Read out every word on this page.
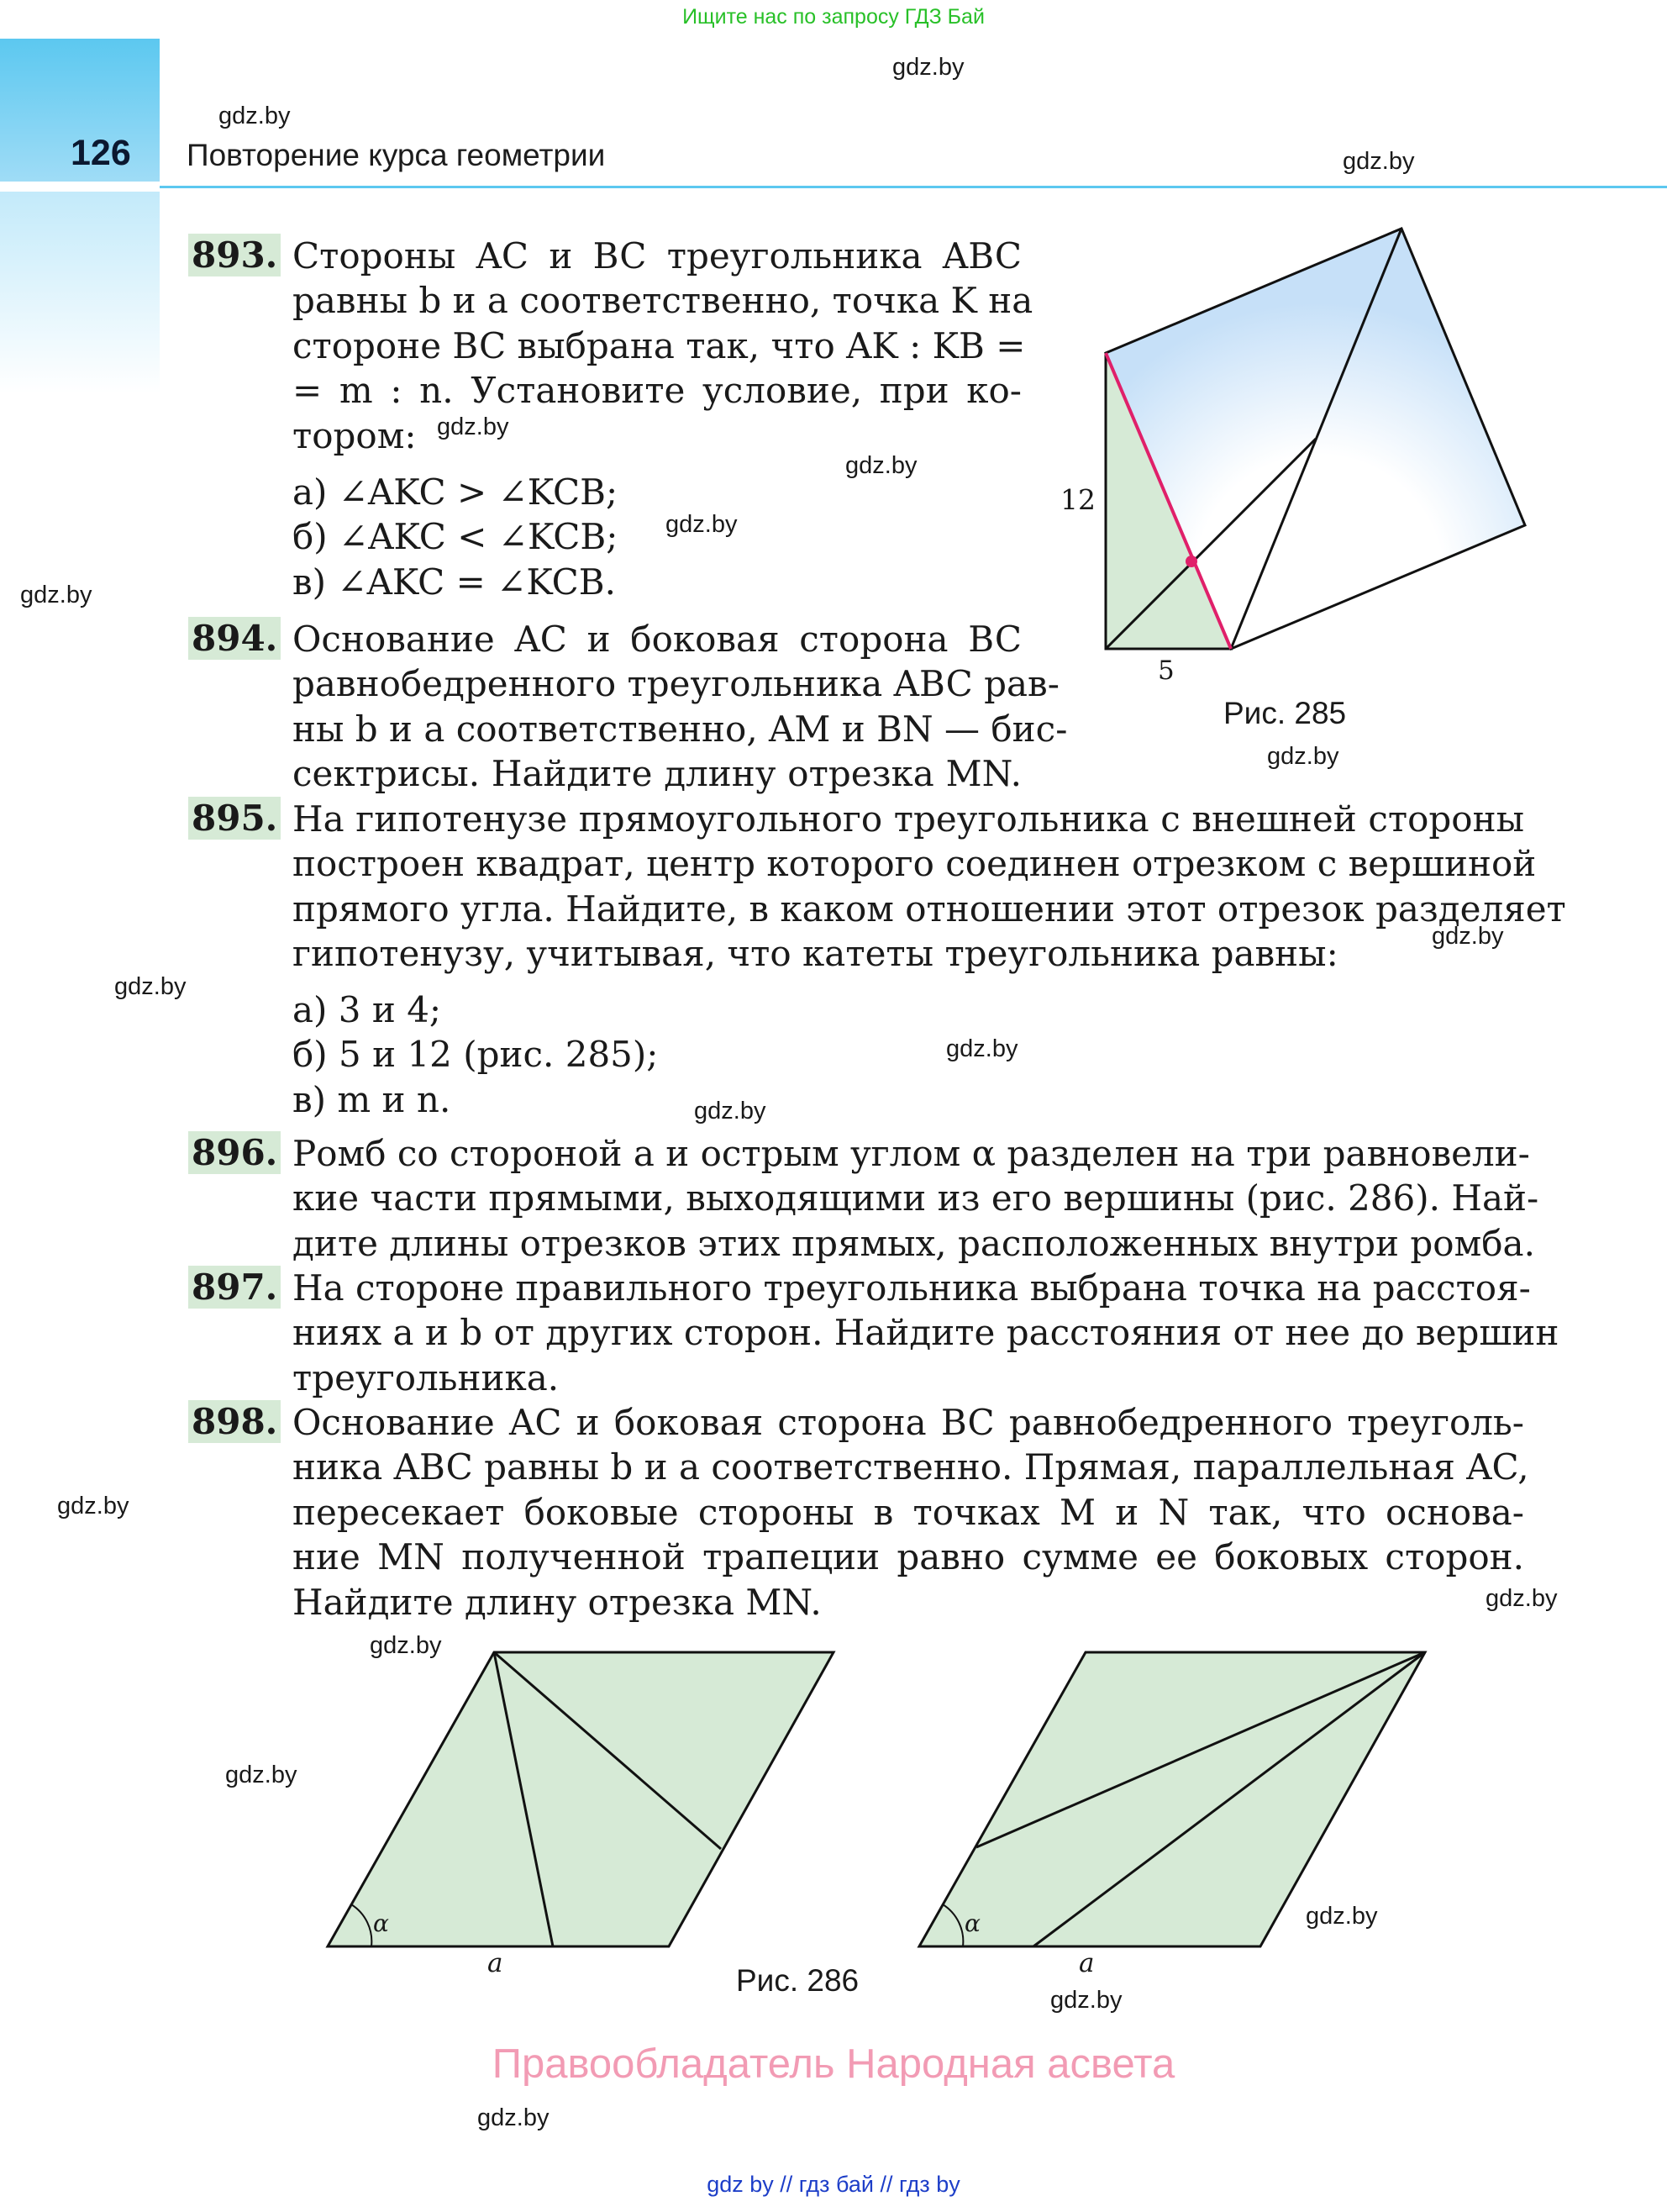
Ищите нас по запросу ГДЗ Бай
126 Повторение курса геометрии
gdz.by
gdz.by
gdz.by
gdz.by
gdz.by
gdz.by
gdz.by
gdz.by
gdz.by
gdz.by
gdz.by
gdz.by
gdz.by
gdz.by
gdz.by
gdz.by
gdz.by
gdz.by
gdz.by
893. Стороны AC и BC треугольника ABC
равны b и a соответственно, точка K на
стороне BC выбрана так, что AK : KB =
= m : n. Установите условие, при ко-
тором:
а) ∠AKC > ∠KCB;
б) ∠AKC < ∠KCB;
в) ∠AKC = ∠KCB.
894. Основание AC и боковая сторона BC
равнобедренного треугольника ABC рав-
ны b и a соответственно, AM и BN — бис-
сектрисы. Найдите длину отрезка MN.
895. На гипотенузе прямоугольного треугольника с внешней стороны
построен квадрат, центр которого соединен отрезком с вершиной
прямого угла. Найдите, в каком отношении этот отрезок разделяет
гипотенузу, учитывая, что катеты треугольника равны:
а) 3 и 4;
б) 5 и 12 (рис. 285);
в) m и n.
896. Ромб со стороной a и острым углом α разделен на три равновели-
кие части прямыми, выходящими из его вершины (рис. 286). Най-
дите длины отрезков этих прямых, расположенных внутри ромба.
897. На стороне правильного треугольника выбрана точка на расстоя-
ниях a и b от других сторон. Найдите расстояния от нее до вершин
треугольника.
898. Основание AC и боковая сторона BC равнобедренного треуголь-
ника ABC равны b и a соответственно. Прямая, параллельная AC,
пересекает боковые стороны в точках M и N так, что основа-
ние MN полученной трапеции равно сумме ее боковых сторон.
Найдите длину отрезка MN.
12
5
Рис. 285
α
a
α
a
Рис. 286
Правообладатель Народная асвета
gdz by // гдз бай // гдз by
